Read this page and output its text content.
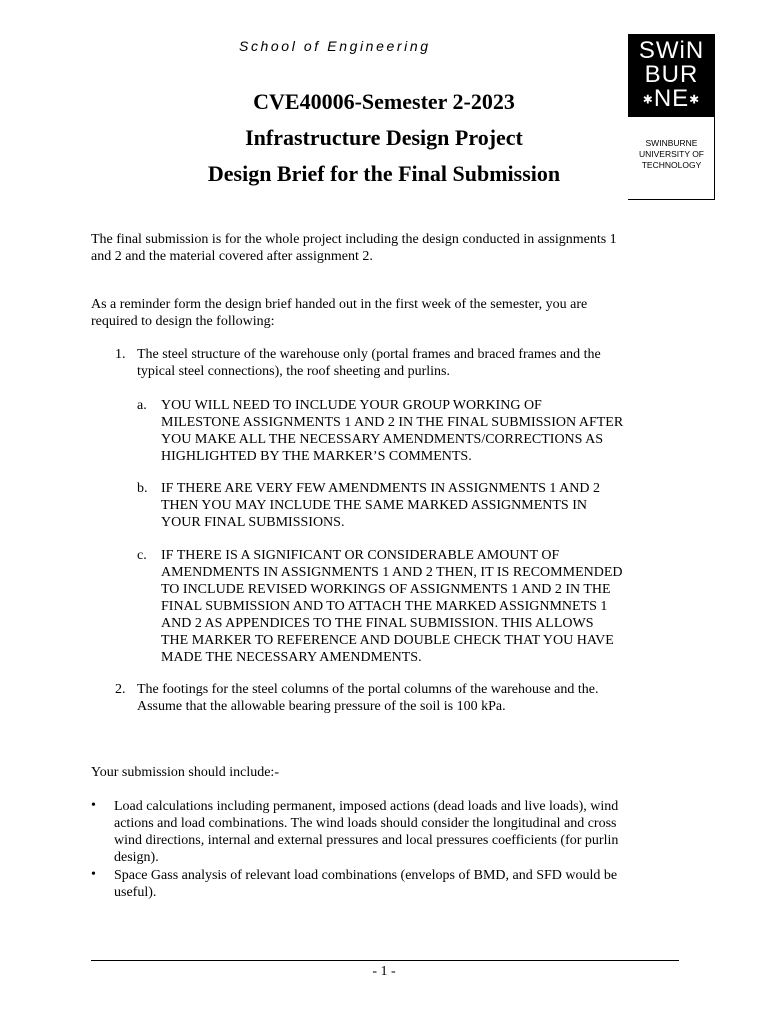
School of Engineering	SWiN
BUR
✱NE✱
SWINBURNE
UNIVERSITY OF
TECHNOLOGY
CVE40006-Semester 2-2023
Infrastructure Design Project
Design Brief for the Final Submission
The final submission is for the whole project including the design conducted in assignments 1
and 2 and the material covered after assignment 2.
As a reminder form the design brief handed out in the first week of the semester, you are
required to design the following:
1. The steel structure of the warehouse only (portal frames and braced frames and the
typical steel connections), the roof sheeting and purlins.
a. YOU WILL NEED TO INCLUDE YOUR GROUP WORKING OF
MILESTONE ASSIGNMENTS 1 AND 2 IN THE FINAL SUBMISSION AFTER
YOU MAKE ALL THE NECESSARY AMENDMENTS/CORRECTIONS AS
HIGHLIGHTED BY THE MARKER’S COMMENTS.
b. IF THERE ARE VERY FEW AMENDMENTS IN ASSIGNMENTS 1 AND 2
THEN YOU MAY INCLUDE THE SAME MARKED ASSIGNMENTS IN
YOUR FINAL SUBMISSIONS.
c. IF THERE IS A SIGNIFICANT OR CONSIDERABLE AMOUNT OF
AMENDMENTS IN ASSIGNMENTS 1 AND 2 THEN, IT IS RECOMMENDED
TO INCLUDE REVISED WORKINGS OF ASSIGNMENTS 1 AND 2 IN THE
FINAL SUBMISSION AND TO ATTACH THE MARKED ASSIGNMNETS 1
AND 2 AS APPENDICES TO THE FINAL SUBMISSION. THIS ALLOWS
THE MARKER TO REFERENCE AND DOUBLE CHECK THAT YOU HAVE
MADE THE NECESSARY AMENDMENTS.
2. The footings for the steel columns of the portal columns of the warehouse and the.
Assume that the allowable bearing pressure of the soil is 100 kPa.
Your submission should include:-
• Load calculations including permanent, imposed actions (dead loads and live loads), wind
actions and load combinations. The wind loads should consider the longitudinal and cross
wind directions, internal and external pressures and local pressures coefficients (for purlin
design).
• Space Gass analysis of relevant load combinations (envelops of BMD, and SFD would be
useful).
- 1 -
